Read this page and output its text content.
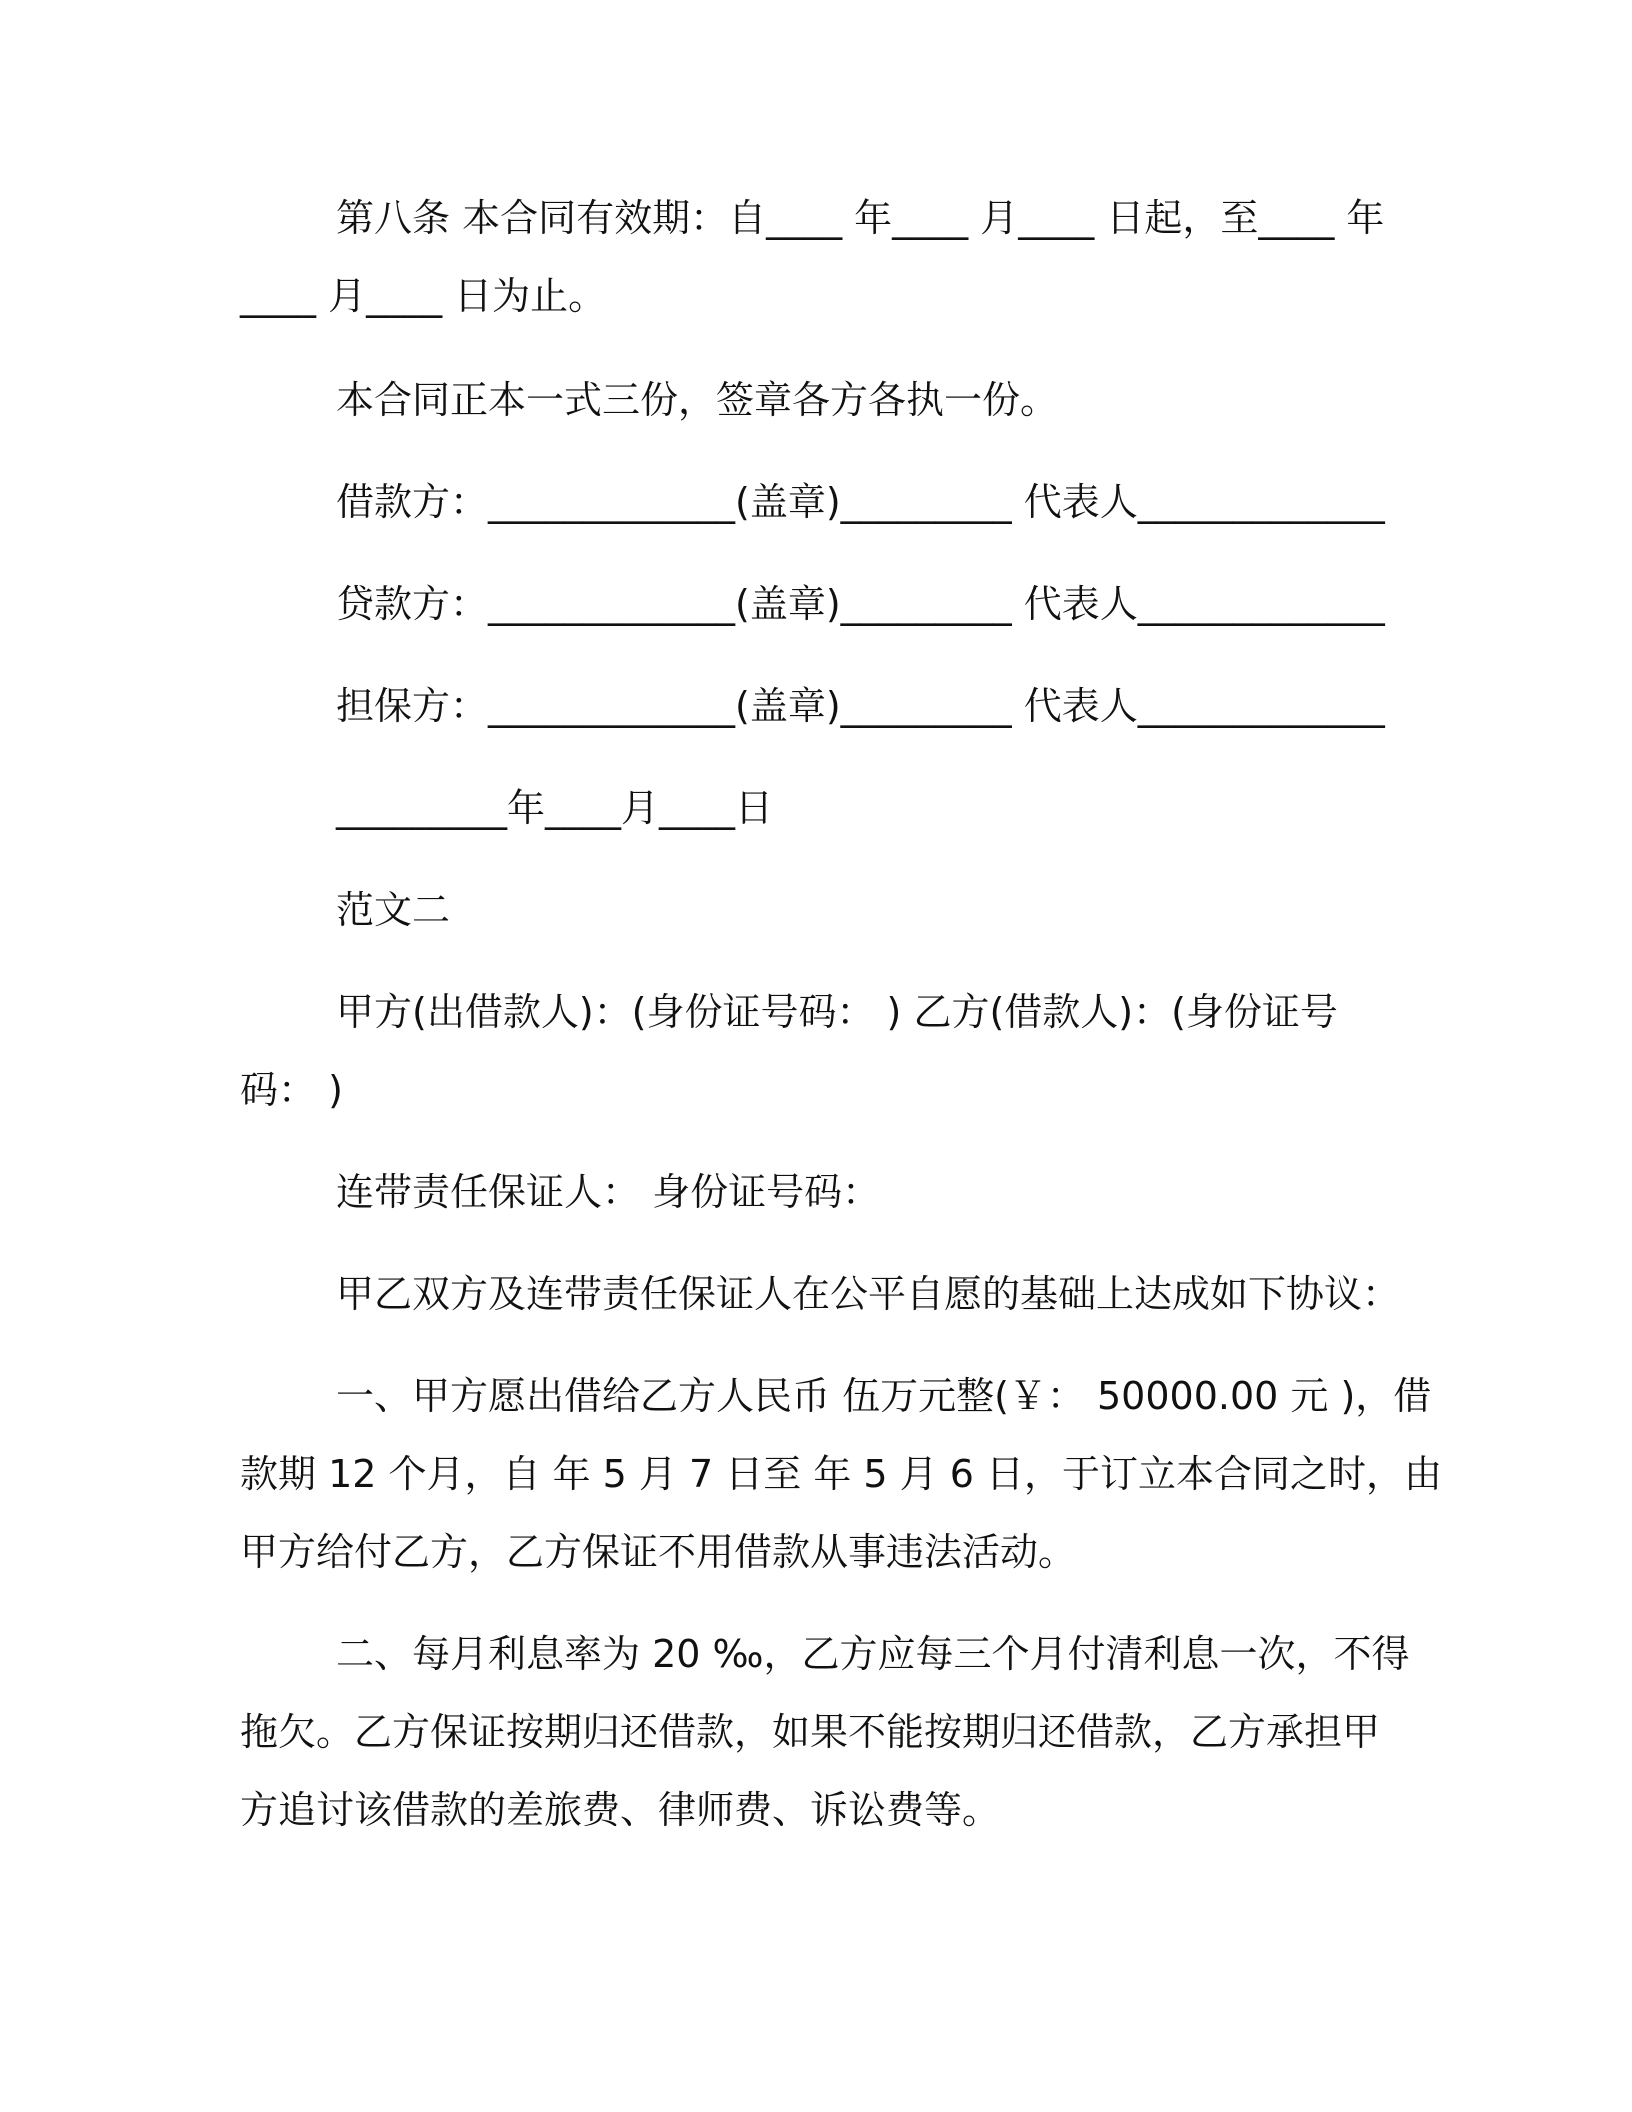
第八条 本合同有效期：自____ 年____ 月____ 日起，至____ 年
____ 月____ 日为止。
本合同正本一式三份，签章各方各执一份。
借款方：_____________(盖章)_________ 代表人_____________
贷款方：_____________(盖章)_________ 代表人_____________
担保方：_____________(盖章)_________ 代表人_____________
_________年____月____日
范文二
甲方(出借款人)：(身份证号码： ) 乙方(借款人)：(身份证号
码： )
连带责任保证人： 身份证号码：
甲乙双方及连带责任保证人在公平自愿的基础上达成如下协议：
一、甲方愿出借给乙方人民币 伍万元整(￥： 50000.00 元 )，借
款期 12 个月，自 年 5 月 7 日至 年 5 月 6 日，于订立本合同之时，由
甲方给付乙方，乙方保证不用借款从事违法活动。
二、每月利息率为 20 ‰，乙方应每三个月付清利息一次，不得
拖欠。乙方保证按期归还借款，如果不能按期归还借款，乙方承担甲
方追讨该借款的差旅费、律师费、诉讼费等。
